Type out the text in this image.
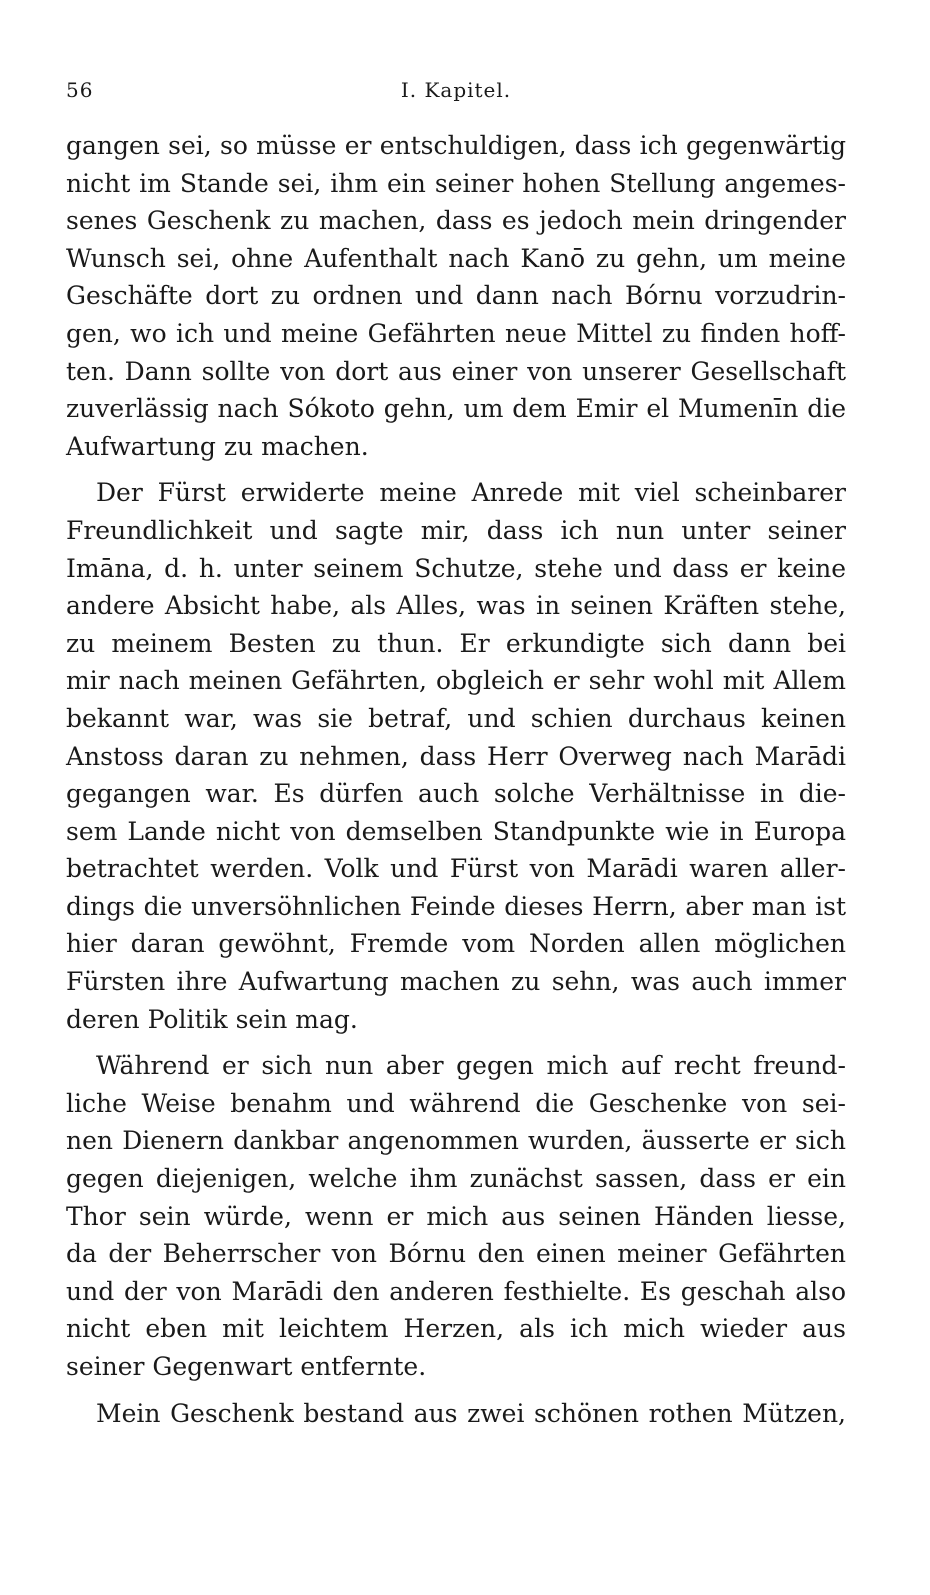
56	I. Kapitel.
gangen sei, so müsse er entschuldigen, dass ich gegenwärtig
nicht im Stande sei, ihm ein seiner hohen Stellung angemes-
senes Geschenk zu machen, dass es jedoch mein dringender
Wunsch sei, ohne Aufenthalt nach Kanō zu gehn, um meine
Geschäfte dort zu ordnen und dann nach Bórnu vorzudrin-
gen, wo ich und meine Gefährten neue Mittel zu finden hoff-
ten. Dann sollte von dort aus einer von unserer Gesellschaft
zuverlässig nach Sókoto gehn, um dem Emir el Mumenīn die
Aufwartung zu machen.
Der Fürst erwiderte meine Anrede mit viel scheinbarer
Freundlichkeit und sagte mir, dass ich nun unter seiner
Imāna, d. h. unter seinem Schutze, stehe und dass er keine
andere Absicht habe, als Alles, was in seinen Kräften stehe,
zu meinem Besten zu thun. Er erkundigte sich dann bei
mir nach meinen Gefährten, obgleich er sehr wohl mit Allem
bekannt war, was sie betraf, und schien durchaus keinen
Anstoss daran zu nehmen, dass Herr Overweg nach Marādi
gegangen war. Es dürfen auch solche Verhältnisse in die-
sem Lande nicht von demselben Standpunkte wie in Europa
betrachtet werden. Volk und Fürst von Marādi waren aller-
dings die unversöhnlichen Feinde dieses Herrn, aber man ist
hier daran gewöhnt, Fremde vom Norden allen möglichen
Fürsten ihre Aufwartung machen zu sehn, was auch immer
deren Politik sein mag.
Während er sich nun aber gegen mich auf recht freund-
liche Weise benahm und während die Geschenke von sei-
nen Dienern dankbar angenommen wurden, äusserte er sich
gegen diejenigen, welche ihm zunächst sassen, dass er ein
Thor sein würde, wenn er mich aus seinen Händen liesse,
da der Beherrscher von Bórnu den einen meiner Gefährten
und der von Marādi den anderen festhielte. Es geschah also
nicht eben mit leichtem Herzen, als ich mich wieder aus
seiner Gegenwart entfernte.
Mein Geschenk bestand aus zwei schönen rothen Mützen,
